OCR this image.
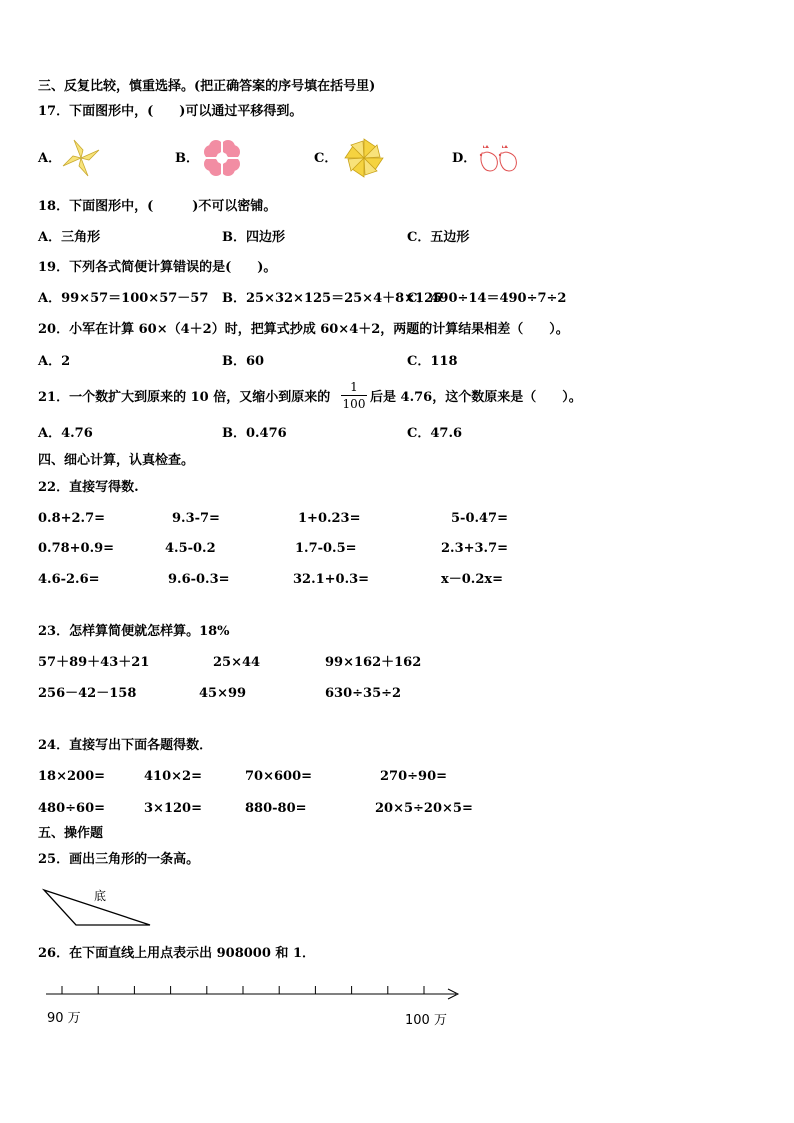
三、反复比较，慎重选择。(把正确答案的序号填在括号里)
17．下面图形中，(　　)可以通过平移得到。
A．	B．	C．	D．
18．下面图形中，(　　　)不可以密铺。
A．三角形	B．四边形	C．五边形
19．下列各式简便计算错误的是(　　)。
A．99×57＝100×57－57 B．25×32×125＝25×4＋8×125
C．490÷14＝490÷7÷2
20．小军在计算 60×（4＋2）时，把算式抄成 60×4＋2，两题的计算结果相差（　　）。
A．2	B．60	C．118
21．一个数扩大到原来的 10 倍，又缩小到原来的
1
100 后是 4.76，这个数原来是（　　）。
A．4.76	B．0.476	C．47.6
四、细心计算，认真检查。
22．直接写得数.
0.8+2.7=	9.3-7=	1+0.23=	5-0.47=
0.78+0.9=	4.5-0.2	1.7-0.5=	2.3+3.7=
4.6-2.6=	9.6-0.3=	32.1+0.3=	x－0.2x=
23．怎样算简便就怎样算。18%
57＋89＋43＋21	25×44	99×162＋162
256－42－158	45×99	630÷35÷2
24．直接写出下面各题得数．
18×200=	410×2=	70×600=	270÷90=
480÷60=	3×120=	880-80=	20×5÷20×5=
五、操作题
25．画出三角形的一条高。
底
26．在下面直线上用点表示出 908000 和 1．
90 万	100 万
